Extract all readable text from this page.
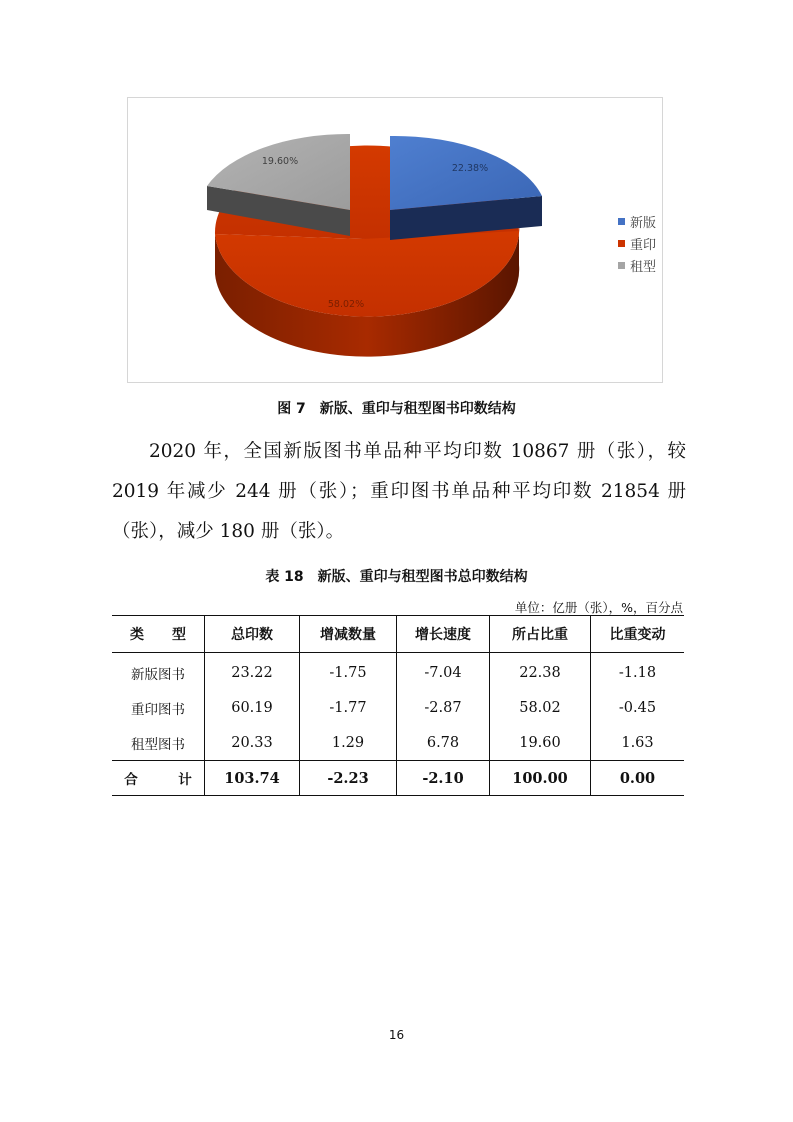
22.38%
58.02%
19.60%
新版
重印
租型
图 7　新版、重印与租型图书印数结构

2020 年，全国新版图书单品种平均印数 10867 册（张），较 2019 年减少 244 册（张）；重印图书单品种平均印数 21854 册（张），减少 180 册（张）。

表 18　新版、重印与租型图书总印数结构
单位：亿册（张），%，百分点
类　　型	总印数	增减数量	增长速度	所占比重	比重变动
新版图书	23.22	-1.75	-7.04	22.38	-1.18
重印图书	60.19	-1.77	-2.87	58.02	-0.45
租型图书	20.33	1.29	6.78	19.60	1.63
合　　　计	103.74	-2.23	-2.10	100.00	0.00
16
